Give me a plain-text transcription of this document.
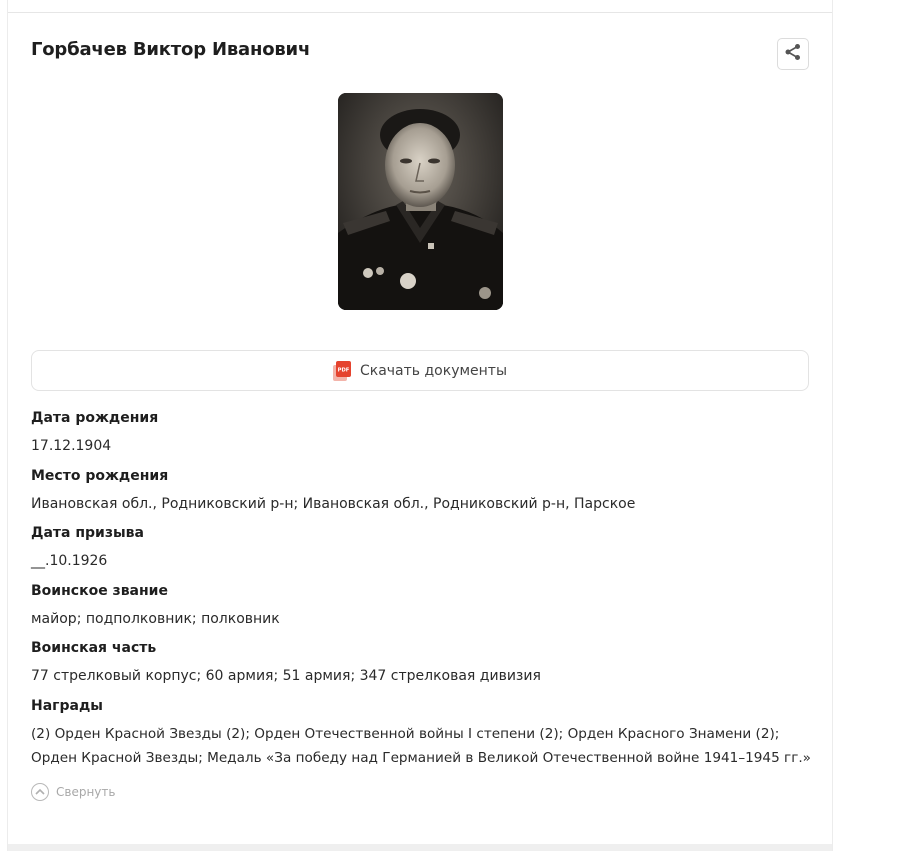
Горбачев Виктор Иванович
PDF Скачать документы
Дата рождения
17.12.1904
Место рождения
Ивановская обл., Родниковский р-н; Ивановская обл., Родниковский р-н, Парское
Дата призыва
__.10.1926
Воинское звание
майор; подполковник; полковник
Воинская часть
77 стрелковый корпус; 60 армия; 51 армия; 347 стрелковая дивизия
Награды
(2) Орден Красной Звезды (2); Орден Отечественной войны I степени (2); Орден Красного Знамени (2); Орден Красной Звезды; Медаль «За победу над Германией в Великой Отечественной войне 1941–1945 гг.»
Свернуть
